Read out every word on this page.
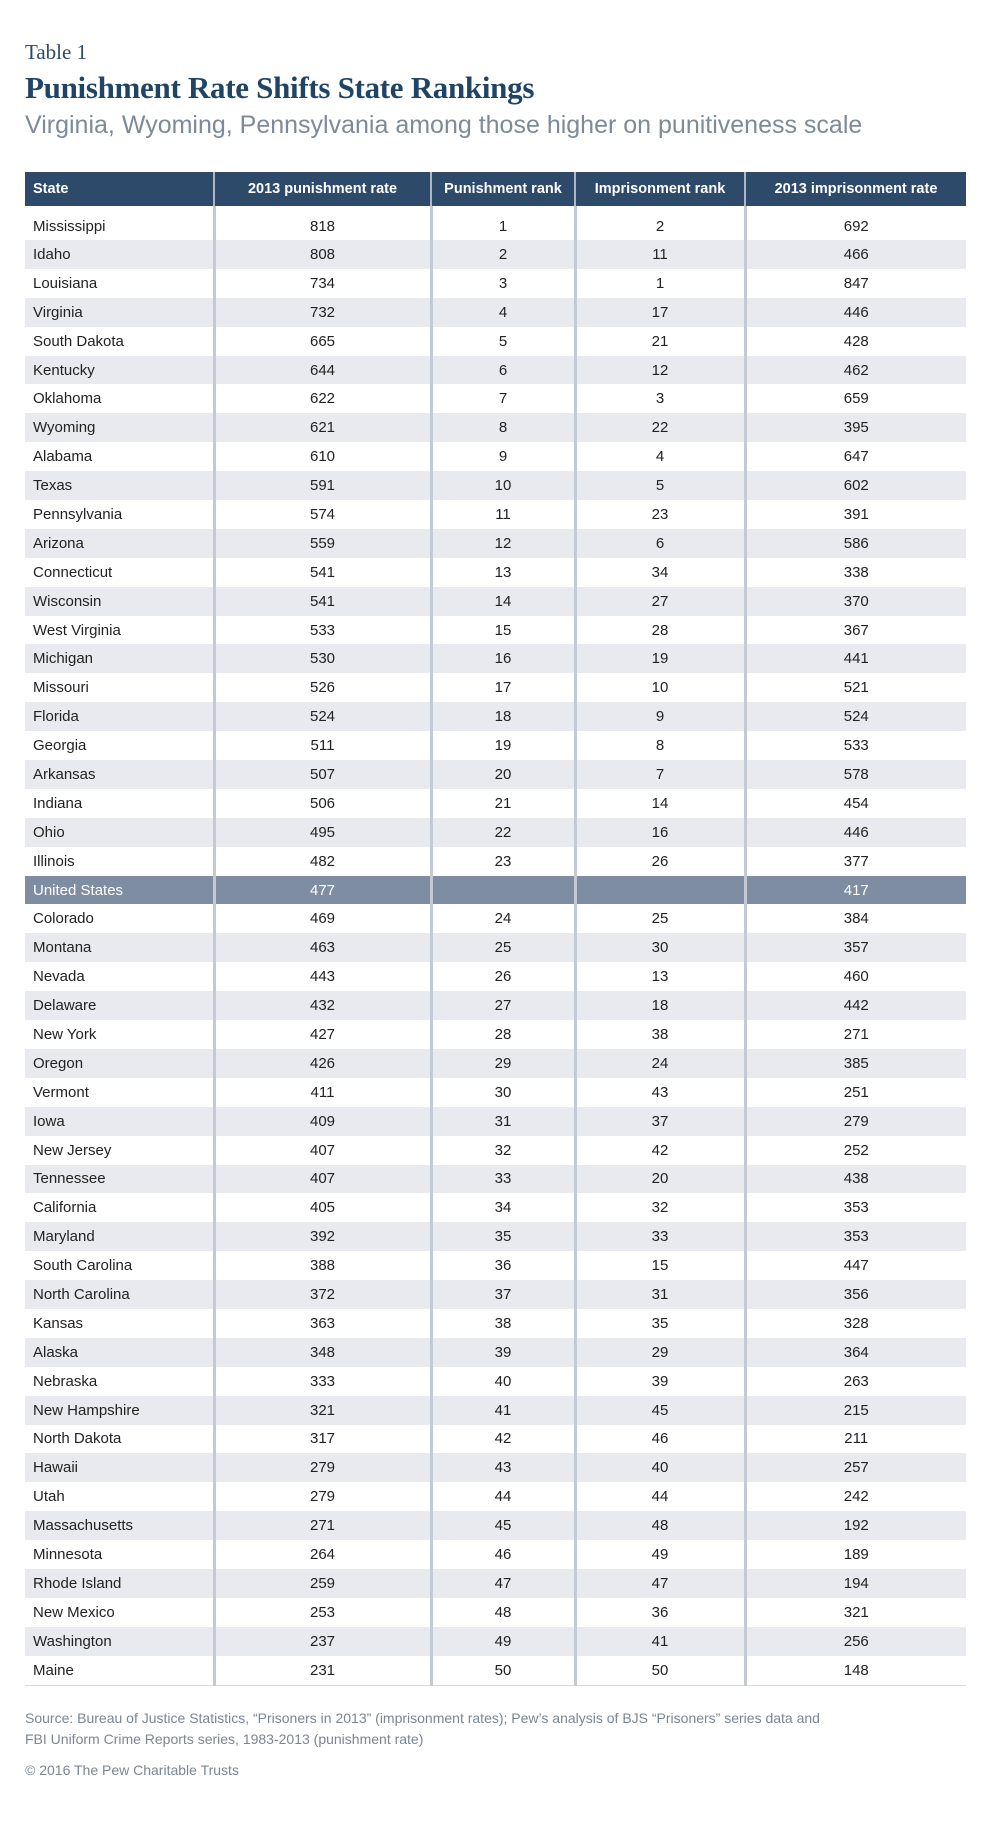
Table 1
Punishment Rate Shifts State Rankings
Virginia, Wyoming, Pennsylvania among those higher on punitiveness scale
State	2013 punishment rate	Punishment rank	Imprisonment rank	2013 imprisonment rate
Mississippi	818	1	2	692
Idaho	808	2	11	466
Louisiana	734	3	1	847
Virginia	732	4	17	446
South Dakota	665	5	21	428
Kentucky	644	6	12	462
Oklahoma	622	7	3	659
Wyoming	621	8	22	395
Alabama	610	9	4	647
Texas	591	10	5	602
Pennsylvania	574	11	23	391
Arizona	559	12	6	586
Connecticut	541	13	34	338
Wisconsin	541	14	27	370
West Virginia	533	15	28	367
Michigan	530	16	19	441
Missouri	526	17	10	521
Florida	524	18	9	524
Georgia	511	19	8	533
Arkansas	507	20	7	578
Indiana	506	21	14	454
Ohio	495	22	16	446
Illinois	482	23	26	377
United States	477			417
Colorado	469	24	25	384
Montana	463	25	30	357
Nevada	443	26	13	460
Delaware	432	27	18	442
New York	427	28	38	271
Oregon	426	29	24	385
Vermont	411	30	43	251
Iowa	409	31	37	279
New Jersey	407	32	42	252
Tennessee	407	33	20	438
California	405	34	32	353
Maryland	392	35	33	353
South Carolina	388	36	15	447
North Carolina	372	37	31	356
Kansas	363	38	35	328
Alaska	348	39	29	364
Nebraska	333	40	39	263
New Hampshire	321	41	45	215
North Dakota	317	42	46	211
Hawaii	279	43	40	257
Utah	279	44	44	242
Massachusetts	271	45	48	192
Minnesota	264	46	49	189
Rhode Island	259	47	47	194
New Mexico	253	48	36	321
Washington	237	49	41	256
Maine	231	50	50	148

Source: Bureau of Justice Statistics, “Prisoners in 2013” (imprisonment rates); Pew’s analysis of BJS “Prisoners” series data and

FBI Uniform Crime Reports series, 1983-2013 (punishment rate)

© 2016 The Pew Charitable Trusts
